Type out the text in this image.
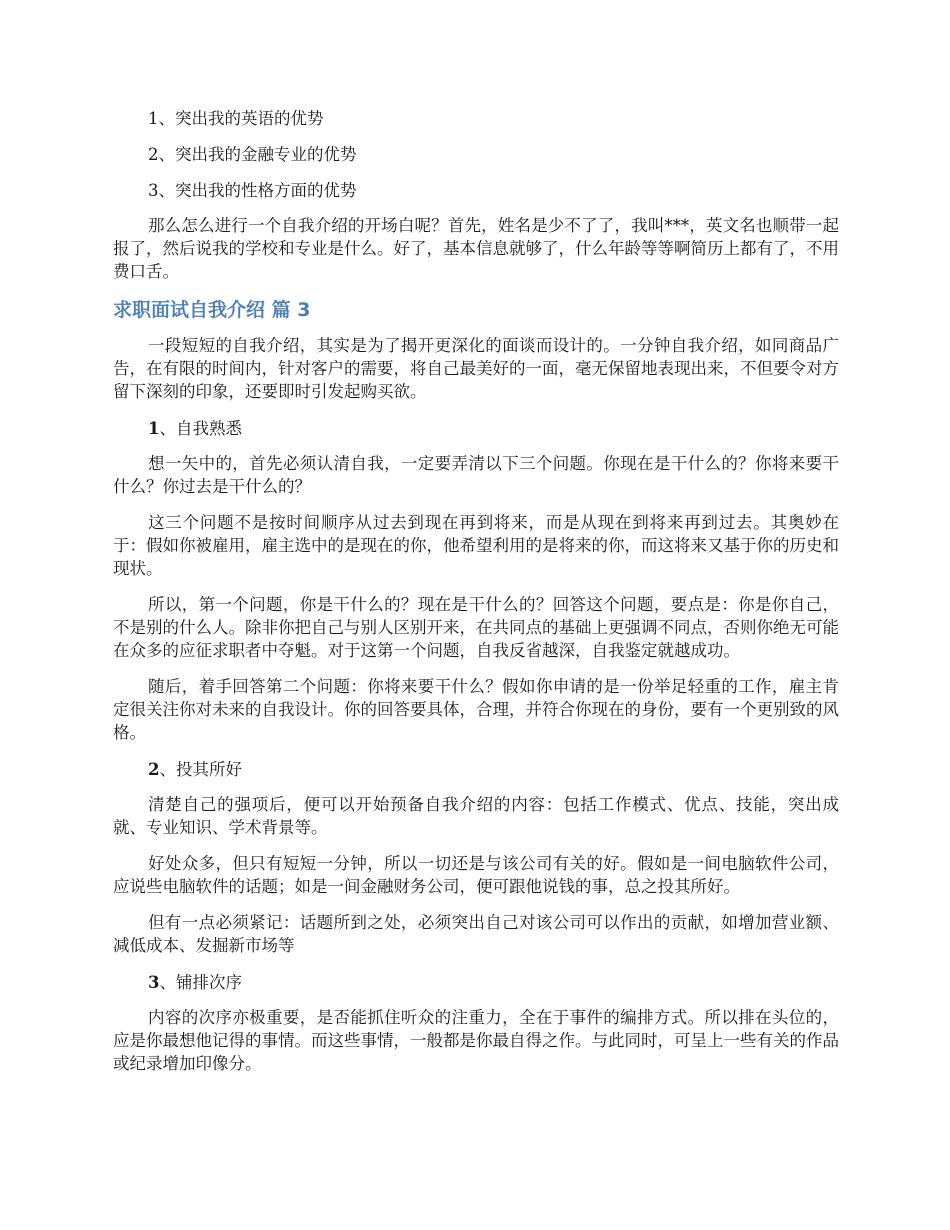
1、突出我的英语的优势

2、突出我的金融专业的优势

3、突出我的性格方面的优势

那么怎么进行一个自我介绍的开场白呢？首先，姓名是少不了了，我叫***，英文名也顺带一起报了，然后说我的学校和专业是什么。好了，基本信息就够了，什么年龄等等啊简历上都有了，不用费口舌。

求职面试自我介绍 篇 3

一段短短的自我介绍，其实是为了揭开更深化的面谈而设计的。一分钟自我介绍，如同商品广告，在有限的时间内，针对客户的需要，将自己最美好的一面，毫无保留地表现出来，不但要令对方留下深刻的印象，还要即时引发起购买欲。

1、自我熟悉

想一矢中的，首先必须认清自我，一定要弄清以下三个问题。你现在是干什么的？你将来要干什么？你过去是干什么的？

这三个问题不是按时间顺序从过去到现在再到将来，而是从现在到将来再到过去。其奥妙在于：假如你被雇用，雇主选中的是现在的你，他希望利用的是将来的你，而这将来又基于你的历史和现状。

所以，第一个问题，你是干什么的？现在是干什么的？回答这个问题，要点是：你是你自己，不是别的什么人。除非你把自己与别人区别开来，在共同点的基础上更强调不同点，否则你绝无可能在众多的应征求职者中夺魁。对于这第一个问题，自我反省越深，自我鉴定就越成功。

随后，着手回答第二个问题：你将来要干什么？假如你申请的是一份举足轻重的工作，雇主肯定很关注你对未来的自我设计。你的回答要具体，合理，并符合你现在的身份，要有一个更别致的风格。

2、投其所好

清楚自己的强项后，便可以开始预备自我介绍的内容：包括工作模式、优点、技能，突出成就、专业知识、学术背景等。

好处众多，但只有短短一分钟，所以一切还是与该公司有关的好。假如是一间电脑软件公司，应说些电脑软件的话题；如是一间金融财务公司，便可跟他说钱的事，总之投其所好。

但有一点必须紧记：话题所到之处，必须突出自己对该公司可以作出的贡献，如增加营业额、减低成本、发掘新市场等

3、铺排次序

内容的次序亦极重要，是否能抓住听众的注重力，全在于事件的编排方式。所以排在头位的，应是你最想他记得的事情。而这些事情，一般都是你最自得之作。与此同时，可呈上一些有关的作品或纪录增加印像分。
